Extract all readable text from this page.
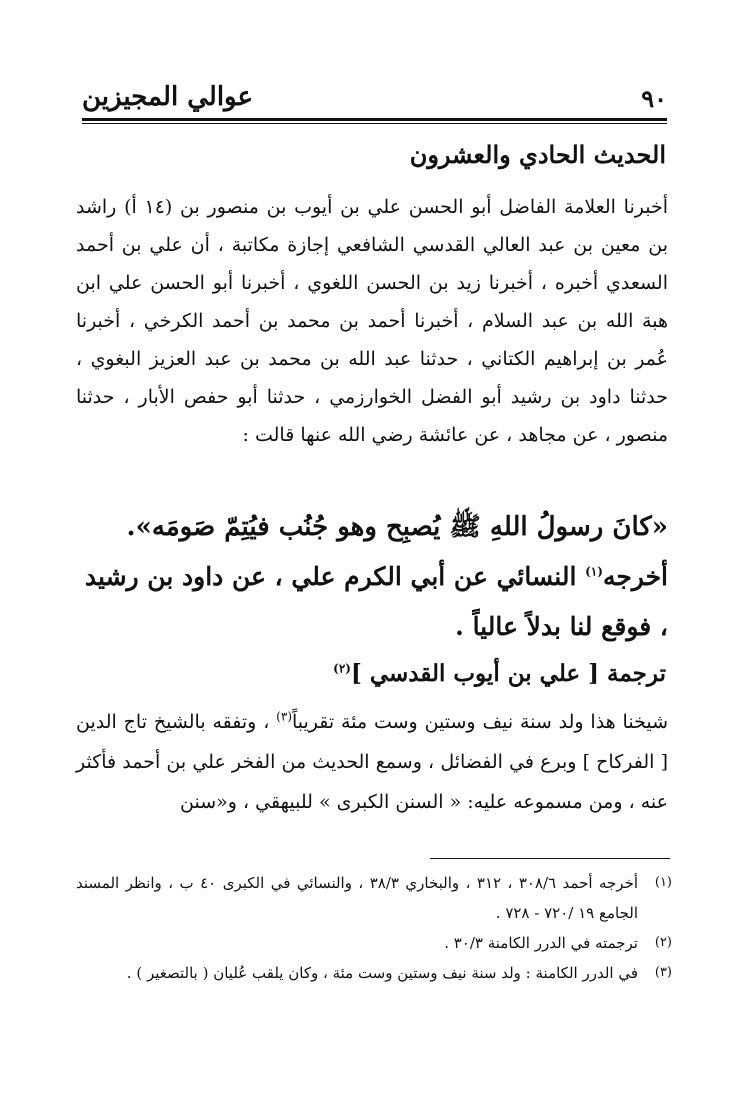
٩٠
عوالي المجيزين
الحديث الحادي والعشرون

أخبرنا العلامة الفاضل أبو الحسن علي بن أيوب بن منصور بن (١٤ أ) راشد بن معين بن عبد العالي القدسي الشافعي إجازة مكاتبة ، أن علي بن أحمد السعدي أخبره ، أخبرنا زيد بن الحسن اللغوي ، أخبرنا أبو الحسن علي ابن هبة الله بن عبد السلام ، أخبرنا أحمد بن محمد بن أحمد الكرخي ، أخبرنا عُمر بن إبراهيم الكتاني ، حدثنا عبد الله بن محمد بن عبد العزيز البغوي ، حدثنا داود بن رشيد أبو الفضل الخوارزمي ، حدثنا أبو حفص الأبار ، حدثنا منصور ، عن مجاهد ، عن عائشة رضي الله عنها قالت :

«كانَ رسولُ اللهِ ﷺ يُصبِح وهو جُنُب فيُتِمّ صَومَه».

أخرجه$^{(١)}$ النسائي عن أبي الكرم علي ، عن داود بن رشيد ، فوقع لنا بدلاً عالياً .

ترجمة [ علي بن أيوب القدسي ]$^{(٢)}$

شيخنا هذا ولد سنة نيف وستين وست مئة تقريباً$^{(٣)}$ ، وتفقه بالشيخ تاج الدين [ الفركاح ] وبرع في الفضائل ، وسمع الحديث من الفخر علي بن أحمد فأكثر عنه ، ومن مسموعه عليه: « السنن الكبرى » للبيهقي ، و«سنن

(١)
أخرجه أحمد ٣٠٨/٦ ، ٣١٢ ، والبخاري ٣٨/٣ ، والنسائي في الكبرى ٤٠ ب ، وانظر المسند الجامع ١٩ /٧٢٠ - ٧٢٨ .
(٢)
ترجمته في الدرر الكامنة ٣٠/٣ .
(٣)
في الدرر الكامنة : ولد سنة نيف وستين وست مئة ، وكان يلقب عُليان ( بالتصغير ) .
